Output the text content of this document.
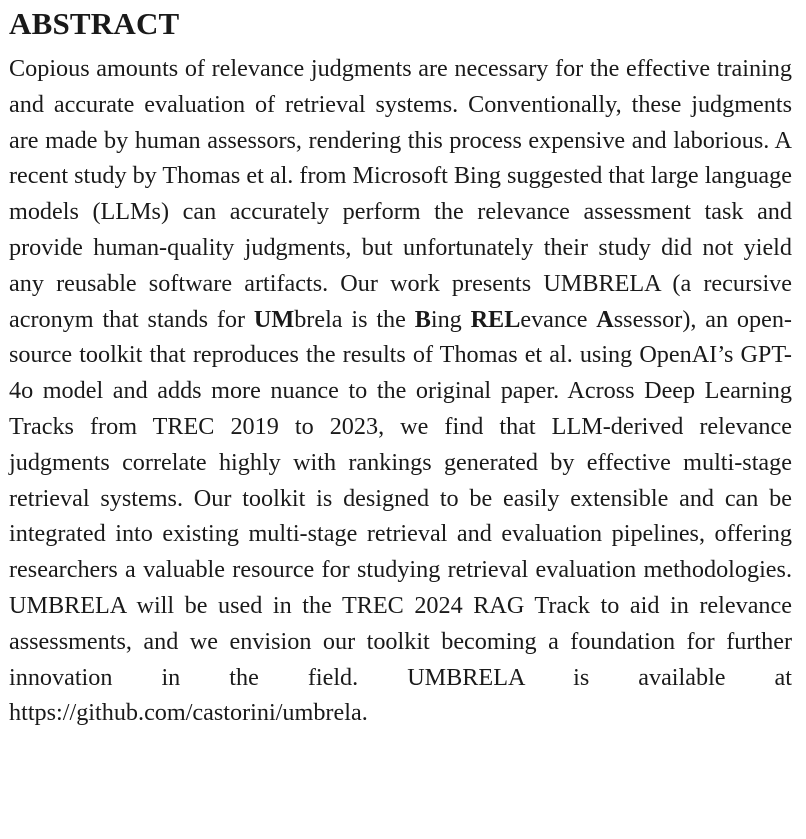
ABSTRACT

Copious amounts of relevance judgments are necessary for the effective training and accurate evaluation of retrieval systems. Conventionally, these judgments are made by human assessors, rendering this process expensive and laborious. A recent study by Thomas et al. from Microsoft Bing suggested that large language models (LLMs) can accurately perform the relevance assessment task and provide human-quality judgments, but unfortunately their study did not yield any reusable software artifacts. Our work presents UMBRELA (a recursive acronym that stands for UMbrela is the Bing RELevance Assessor), an open-source toolkit that reproduces the results of Thomas et al. using OpenAI’s GPT-4o model and adds more nuance to the original paper. Across Deep Learning Tracks from TREC 2019 to 2023, we find that LLM-derived relevance judgments correlate highly with rankings generated by effective multi-stage retrieval systems. Our toolkit is designed to be easily extensible and can be integrated into existing multi-stage retrieval and evaluation pipelines, offering researchers a valuable resource for studying retrieval evaluation methodologies. UMBRELA will be used in the TREC 2024 RAG Track to aid in relevance assessments, and we envision our toolkit becoming a foundation for further innovation in the field. UMBRELA is available at https://github.com/castorini/umbrela.
